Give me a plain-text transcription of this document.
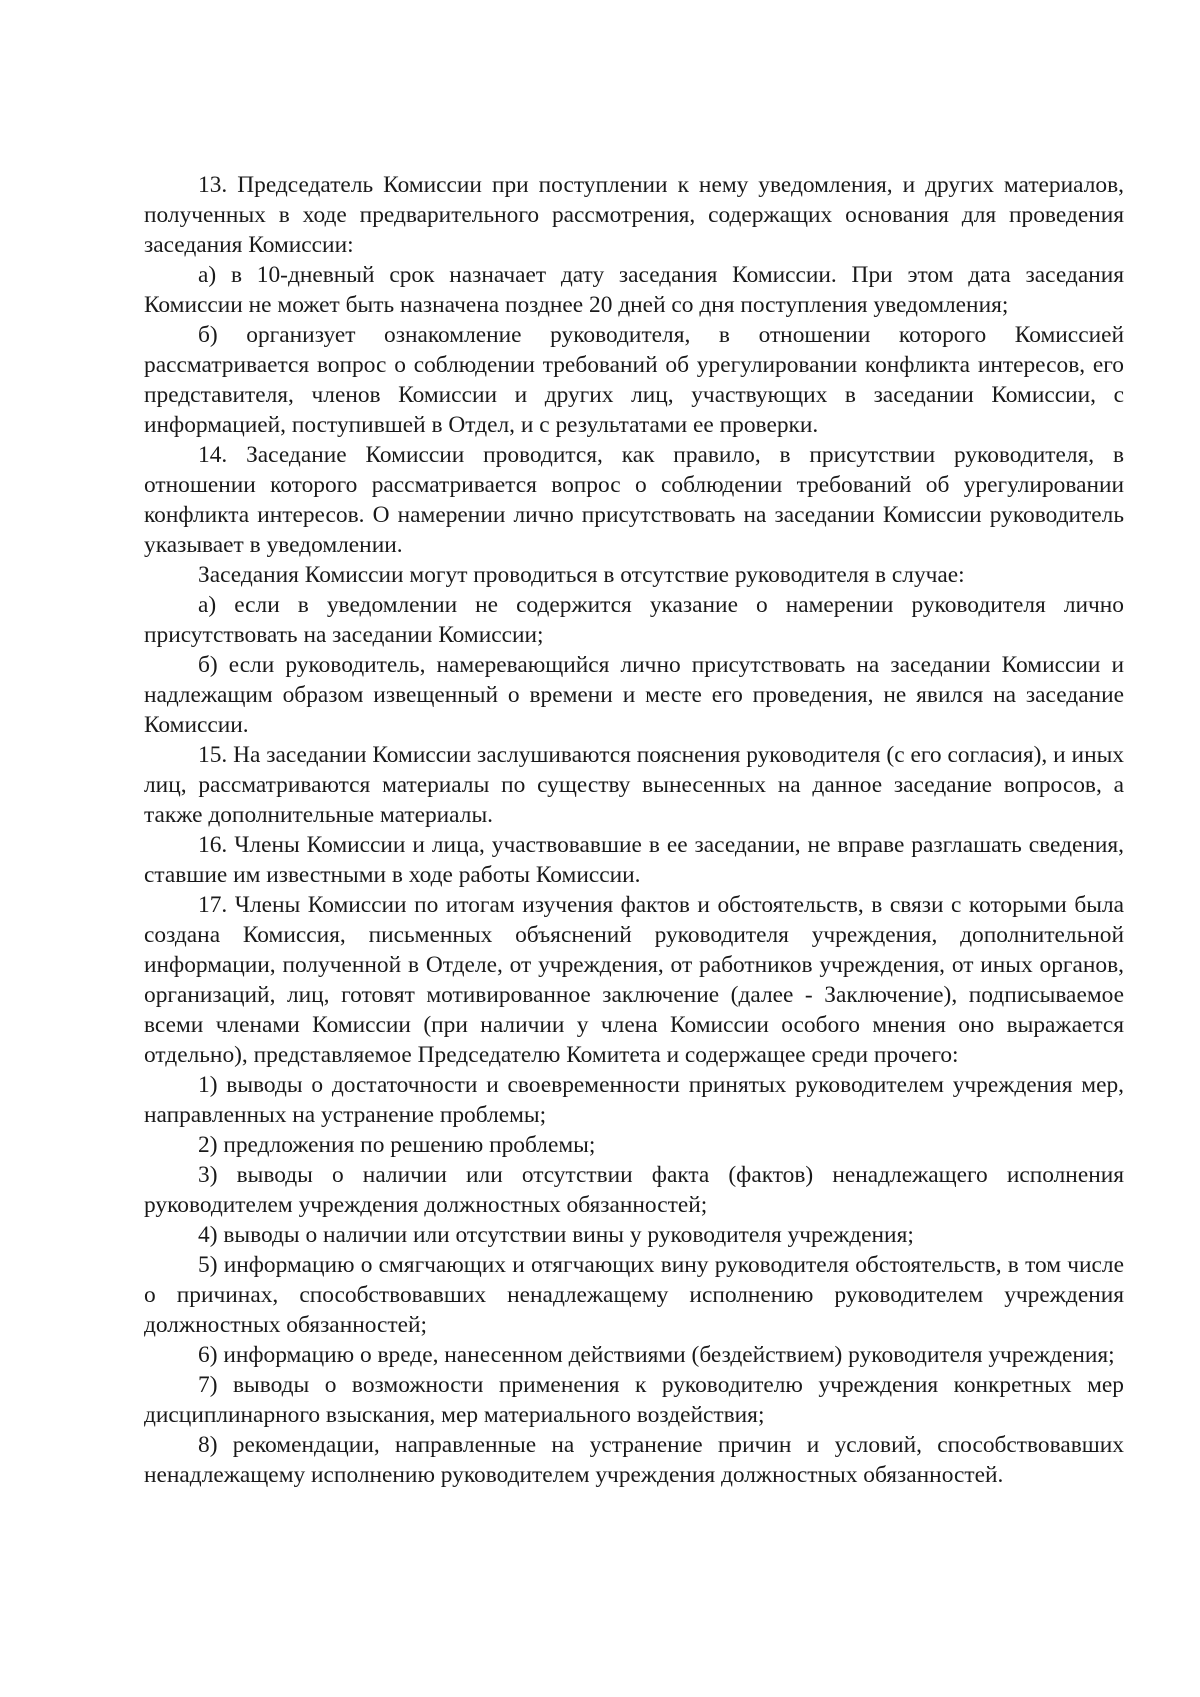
13. Председатель Комиссии при поступлении к нему уведомления, и других материалов, полученных в ходе предварительного рассмотрения, содержащих основания для проведения заседания Комиссии:

а) в 10-дневный срок назначает дату заседания Комиссии. При этом дата заседания Комиссии не может быть назначена позднее 20 дней со дня поступления уведомления;

б) организует ознакомление руководителя, в отношении которого Комиссией рассматривается вопрос о соблюдении требований об урегулировании конфликта интересов, его представителя, членов Комиссии и других лиц, участвующих в заседании Комиссии, с информацией, поступившей в Отдел, и с результатами ее проверки.

14. Заседание Комиссии проводится, как правило, в присутствии руководителя, в отношении которого рассматривается вопрос о соблюдении требований об урегулировании конфликта интересов. О намерении лично присутствовать на заседании Комиссии руководитель указывает в уведомлении.

Заседания Комиссии могут проводиться в отсутствие руководителя в случае:

а) если в уведомлении не содержится указание о намерении руководителя лично присутствовать на заседании Комиссии;

б) если руководитель, намеревающийся лично присутствовать на заседании Комиссии и надлежащим образом извещенный о времени и месте его проведения, не явился на заседание Комиссии.

15. На заседании Комиссии заслушиваются пояснения руководителя (с его согласия), и иных лиц, рассматриваются материалы по существу вынесенных на данное заседание вопросов, а также дополнительные материалы.

16. Члены Комиссии и лица, участвовавшие в ее заседании, не вправе разглашать сведения, ставшие им известными в ходе работы Комиссии.

17. Члены Комиссии по итогам изучения фактов и обстоятельств, в связи с которыми была создана Комиссия, письменных объяснений руководителя учреждения, дополнительной информации, полученной в Отделе, от учреждения, от работников учреждения, от иных органов, организаций, лиц, готовят мотивированное заключение (далее - Заключение), подписываемое всеми членами Комиссии (при наличии у члена Комиссии особого мнения оно выражается отдельно), представляемое Председателю Комитета и содержащее среди прочего:

1) выводы о достаточности и своевременности принятых руководителем учреждения мер, направленных на устранение проблемы;

2) предложения по решению проблемы;

3) выводы о наличии или отсутствии факта (фактов) ненадлежащего исполнения руководителем учреждения должностных обязанностей;

4) выводы о наличии или отсутствии вины у руководителя учреждения;

5) информацию о смягчающих и отягчающих вину руководителя обстоятельств, в том числе о причинах, способствовавших ненадлежащему исполнению руководителем учреждения должностных обязанностей;

6) информацию о вреде, нанесенном действиями (бездействием) руководителя учреждения;

7) выводы о возможности применения к руководителю учреждения конкретных мер дисциплинарного взыскания, мер материального воздействия;

8) рекомендации, направленные на устранение причин и условий, способствовавших ненадлежащему исполнению руководителем учреждения должностных обязанностей.
